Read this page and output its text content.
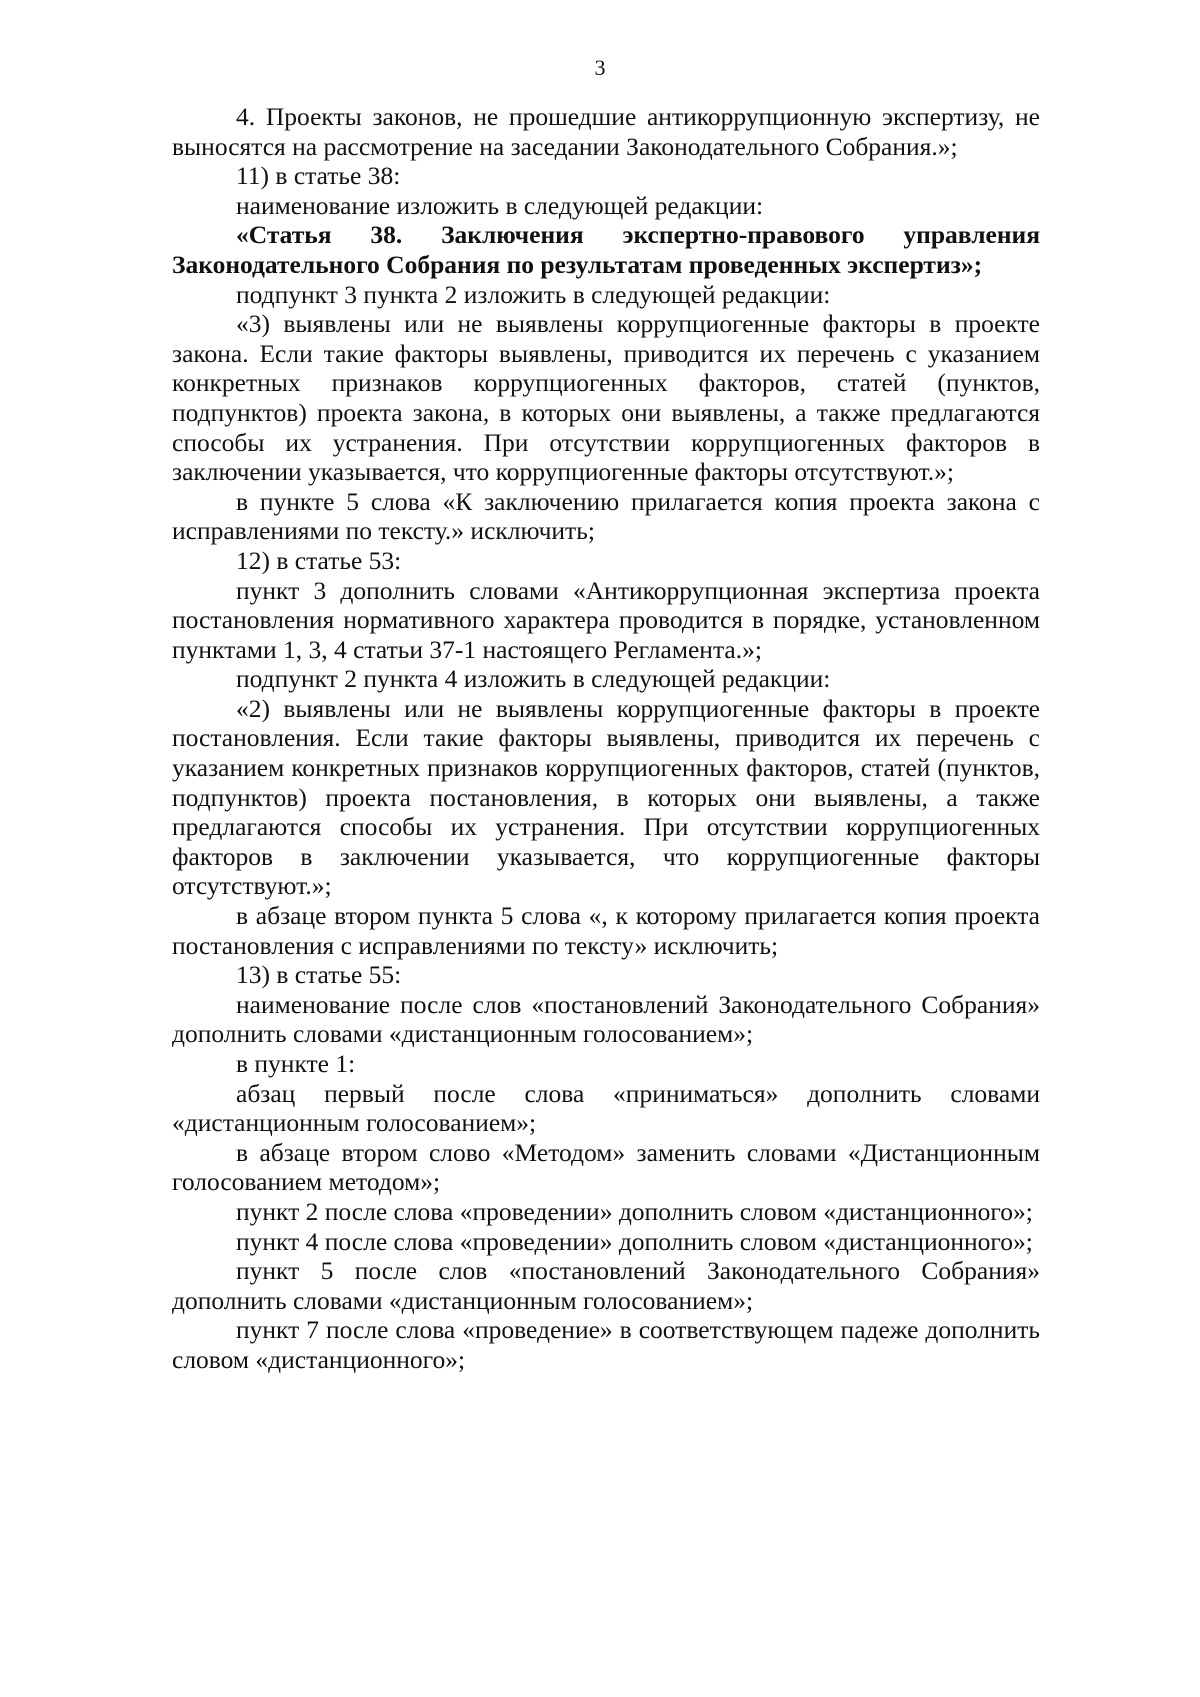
3

4. Проекты законов, не прошедшие антикоррупционную экспертизу, не выносятся на рассмотрение на заседании Законодательного Собрания.»;

11) в статье 38:

наименование изложить в следующей редакции:

«Статья 38. Заключения экспертно-правового управления Законодательного Собрания по результатам проведенных экспертиз»;

подпункт 3 пункта 2 изложить в следующей редакции:

«3) выявлены или не выявлены коррупциогенные факторы в проекте закона. Если такие факторы выявлены, приводится их перечень с указанием конкретных признаков коррупциогенных факторов, статей (пунктов, подпунктов) проекта закона, в которых они выявлены, а также предлагаются способы их устранения. При отсутствии коррупциогенных факторов в заключении указывается, что коррупциогенные факторы отсутствуют.»;

в пункте 5 слова «К заключению прилагается копия проекта закона с исправлениями по тексту.» исключить;

12) в статье 53:

пункт 3 дополнить словами «Антикоррупционная экспертиза проекта постановления нормативного характера проводится в порядке, установленном пунктами 1, 3, 4 статьи 37-1 настоящего Регламента.»;

подпункт 2 пункта 4 изложить в следующей редакции:

«2) выявлены или не выявлены коррупциогенные факторы в проекте постановления. Если такие факторы выявлены, приводится их перечень с указанием конкретных признаков коррупциогенных факторов, статей (пунктов, подпунктов) проекта постановления, в которых они выявлены, а также предлагаются способы их устранения. При отсутствии коррупциогенных факторов в заключении указывается, что коррупциогенные факторы отсутствуют.»;

в абзаце втором пункта 5 слова «, к которому прилагается копия проекта постановления с исправлениями по тексту» исключить;

13) в статье 55:

наименование после слов «постановлений Законодательного Собрания» дополнить словами «дистанционным голосованием»;

в пункте 1:

абзац первый после слова «приниматься» дополнить словами «дистанционным голосованием»;

в абзаце втором слово «Методом» заменить словами «Дистанционным голосованием методом»;

пункт 2 после слова «проведении» дополнить словом «дистанционного»;

пункт 4 после слова «проведении» дополнить словом «дистанционного»;

пункт 5 после слов «постановлений Законодательного Собрания» дополнить словами «дистанционным голосованием»;

пункт 7 после слова «проведение» в соответствующем падеже дополнить словом «дистанционного»;
